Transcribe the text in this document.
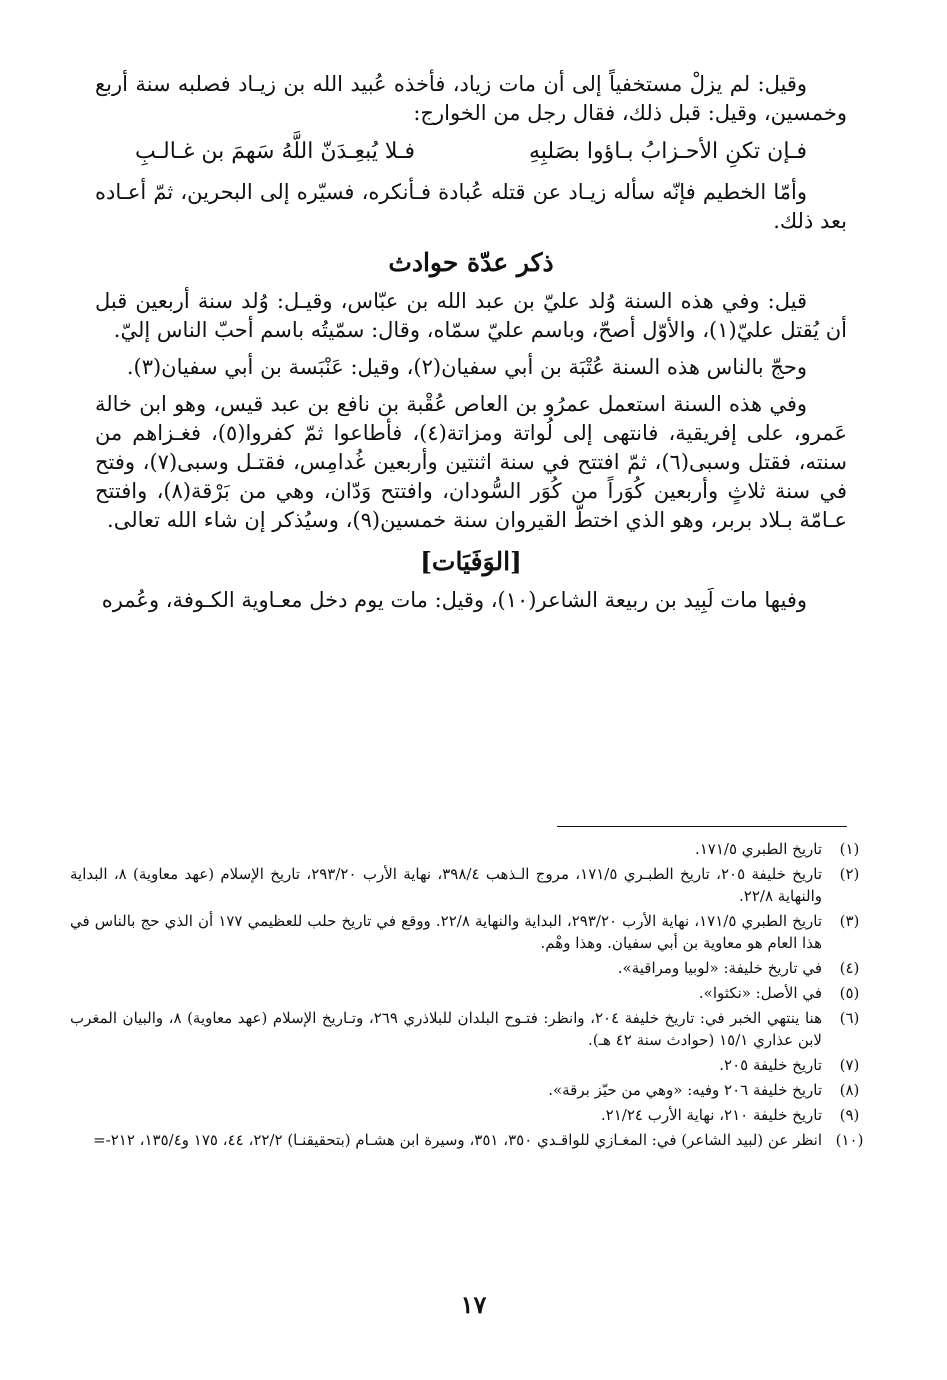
وقيل: لم يزلْ مستخفياً إلى أن مات زياد، فأخذه عُبيد الله بن زيـاد فصلبه سنة أربع وخمسين، وقيل: قبل ذلك، فقال رجل من الخوارج:

فـإن تكنِ الأحـزابُ بـاؤوا بصَلبِهِ
فـلا يُبعِـدَنّ اللَّهُ سَهمَ بن غـالـبِ

وأمّا الخطيم فإنّه سأله زيـاد عن قتله عُبادة فـأنكره، فسيّره إلى البحرين، ثمّ أعـاده بعد ذلك.

ذكر عدّة حوادث

قيل: وفي هذه السنة وُلد عليّ بن عبد الله بن عبّاس، وقيـل: وُلد سنة أربعين قبل أن يُقتل عليّ(١)، والأوّل أصحّ، وباسم عليّ سمّاه، وقال: سمّيتُه باسم أحبّ الناس إليّ.

وحجّ بالناس هذه السنة عُتْبَة بن أبي سفيان(٢)، وقيل: عَنْبَسة بن أبي سفيان(٣).

وفي هذه السنة استعمل عمرُو بن العاص عُقْبة بن نافع بن عبد قيس، وهو ابن خالة عَمرو، على إفريقية، فانتهى إلى لُواتة ومزاتة(٤)، فأطاعوا ثمّ كفروا(٥)، فغـزاهم من سنته، فقتل وسبى(٦)، ثمّ افتتح في سنة اثنتين وأربعين غُدامِس، فقتـل وسبى(٧)، وفتح في سنة ثلاثٍ وأربعين كُوَراً من كُوَر السُّودان، وافتتح وَدّان، وهي من بَرْقة(٨)، وافتتح عـامّة بـلاد بربر، وهو الذي اختطّ القيروان سنة خمسين(٩)، وسيُذكر إن شاء الله تعالى.

[الوَفَيَات]

وفيها مات لَبِيد بن ربيعة الشاعر(١٠)، وقيل: مات يوم دخل معـاوية الكـوفة، وعُمره

(١)
تاريخ الطبري ١٧١/٥.
(٢)
تاريخ خليفة ٢٠٥، تاريخ الطبـري ١٧١/٥، مروج الـذهب ٣٩٨/٤، نهاية الأرب ٢٩٣/٢٠، تاريخ الإسلام (عهد معاوية) ٨، البداية والنهاية ٢٢/٨.
(٣)
تاريخ الطبري ١٧١/٥، نهاية الأرب ٢٩٣/٢٠، البداية والنهاية ٢٢/٨. ووقع في تاريخ حلب للعظيمي ١٧٧ أن الذي حج بالناس في هذا العام هو معاوية بن أبي سفيان. وهذا وهْم.
(٤)
في تاريخ خليفة: «لوبيا ومراقية».
(٥)
في الأصل: «نكثوا».
(٦)
هنا ينتهي الخبر في: تاريخ خليفة ٢٠٤، وانظر: فتـوح البلدان للبلاذري ٢٦٩، وتـاريخ الإسلام (عهد معاوية) ٨، والبيان المغرب لابن عذاري ١٥/١ (حوادث سنة ٤٢ هـ).
(٧)
تاريخ خليفة ٢٠٥.
(٨)
تاريخ خليفة ٢٠٦ وفيه: «وهي من حيّز برقة».
(٩)
تاريخ خليفة ٢١٠، نهاية الأرب ٢١/٢٤.
(١٠)
انظر عن (لبيد الشاعر) في: المغـازي للواقـدي ٣٥٠، ٣٥١، وسيرة ابن هشـام (بتحقيقنـا) ٢٢/٢، ٤٤، ١٧٥ و١٣٥/٤، ٢١٢-=
١٧
